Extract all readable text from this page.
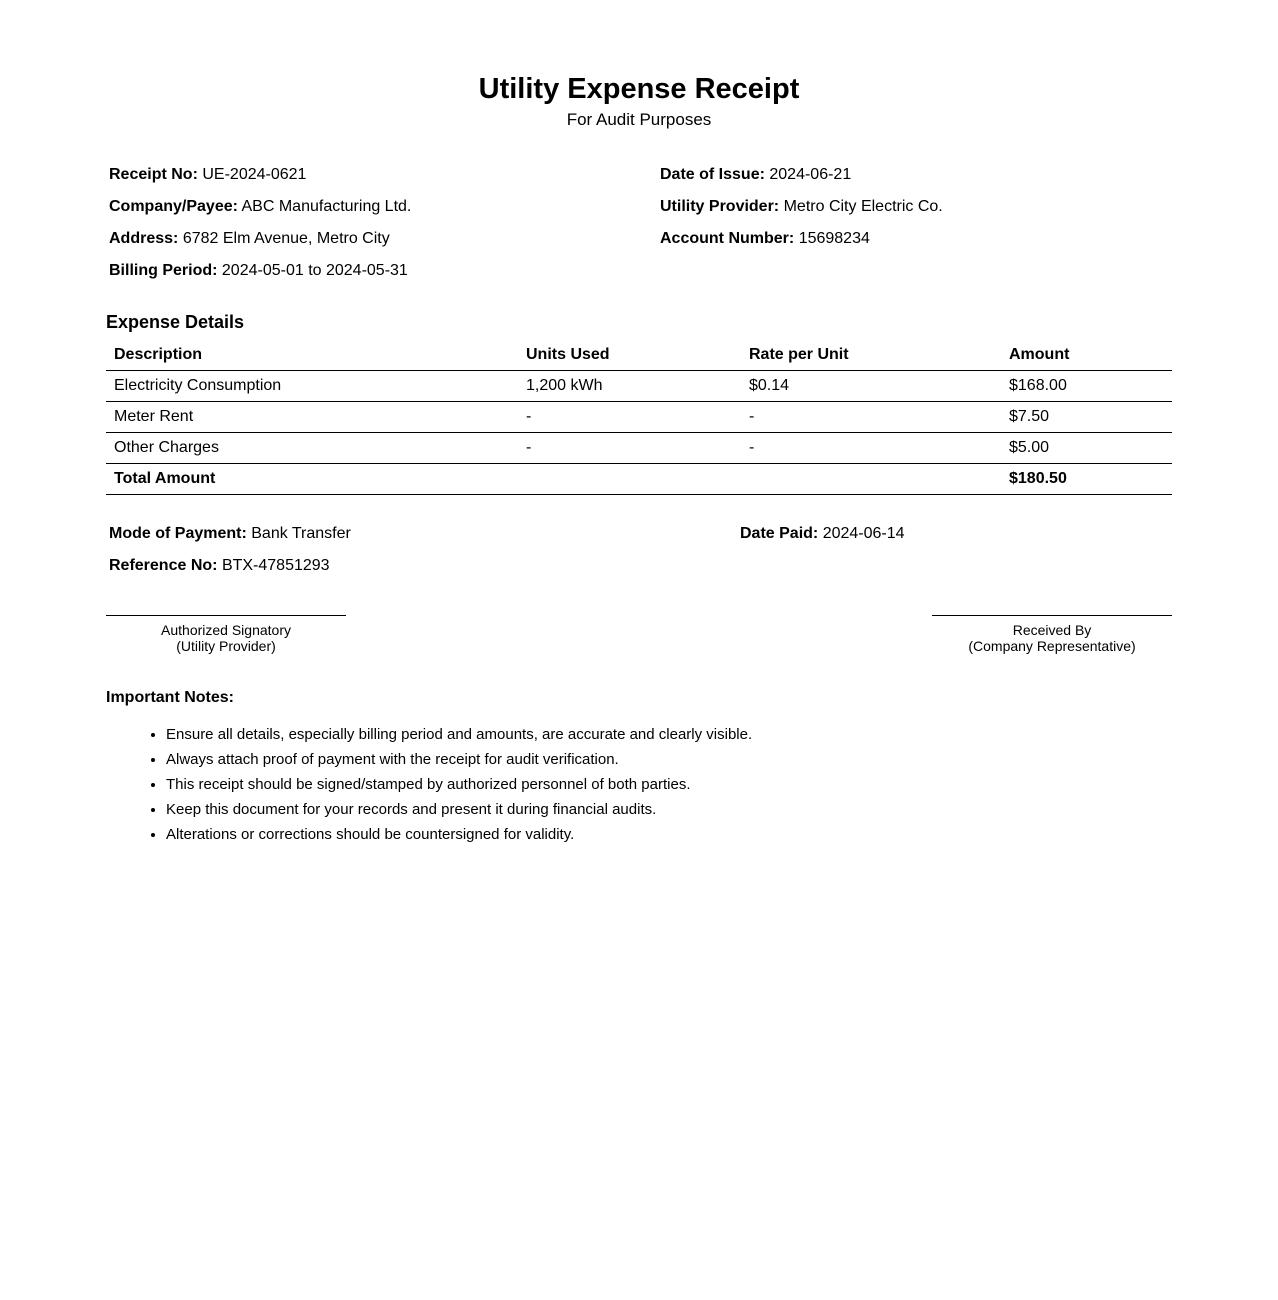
Utility Expense Receipt
For Audit Purposes
Receipt No: UE-2024-0621
Company/Payee: ABC Manufacturing Ltd.
Address: 6782 Elm Avenue, Metro City
Billing Period: 2024-05-01 to 2024-05-31
Date of Issue: 2024-06-21
Utility Provider: Metro City Electric Co.
Account Number: 15698234
Expense Details
Description	Units Used	Rate per Unit	Amount
Electricity Consumption	1,200 kWh	$0.14	$168.00
Meter Rent	-	-	$7.50
Other Charges	-	-	$5.00
Total Amount			$180.50
Mode of Payment: Bank Transfer	Date Paid: 2024-06-14
Reference No: BTX-47851293
Authorized Signatory
(Utility Provider)
Received By
(Company Representative)
Important Notes:
• Ensure all details, especially billing period and amounts, are accurate and clearly visible.
• Always attach proof of payment with the receipt for audit verification.
• This receipt should be signed/stamped by authorized personnel of both parties.
• Keep this document for your records and present it during financial audits.
• Alterations or corrections should be countersigned for validity.
